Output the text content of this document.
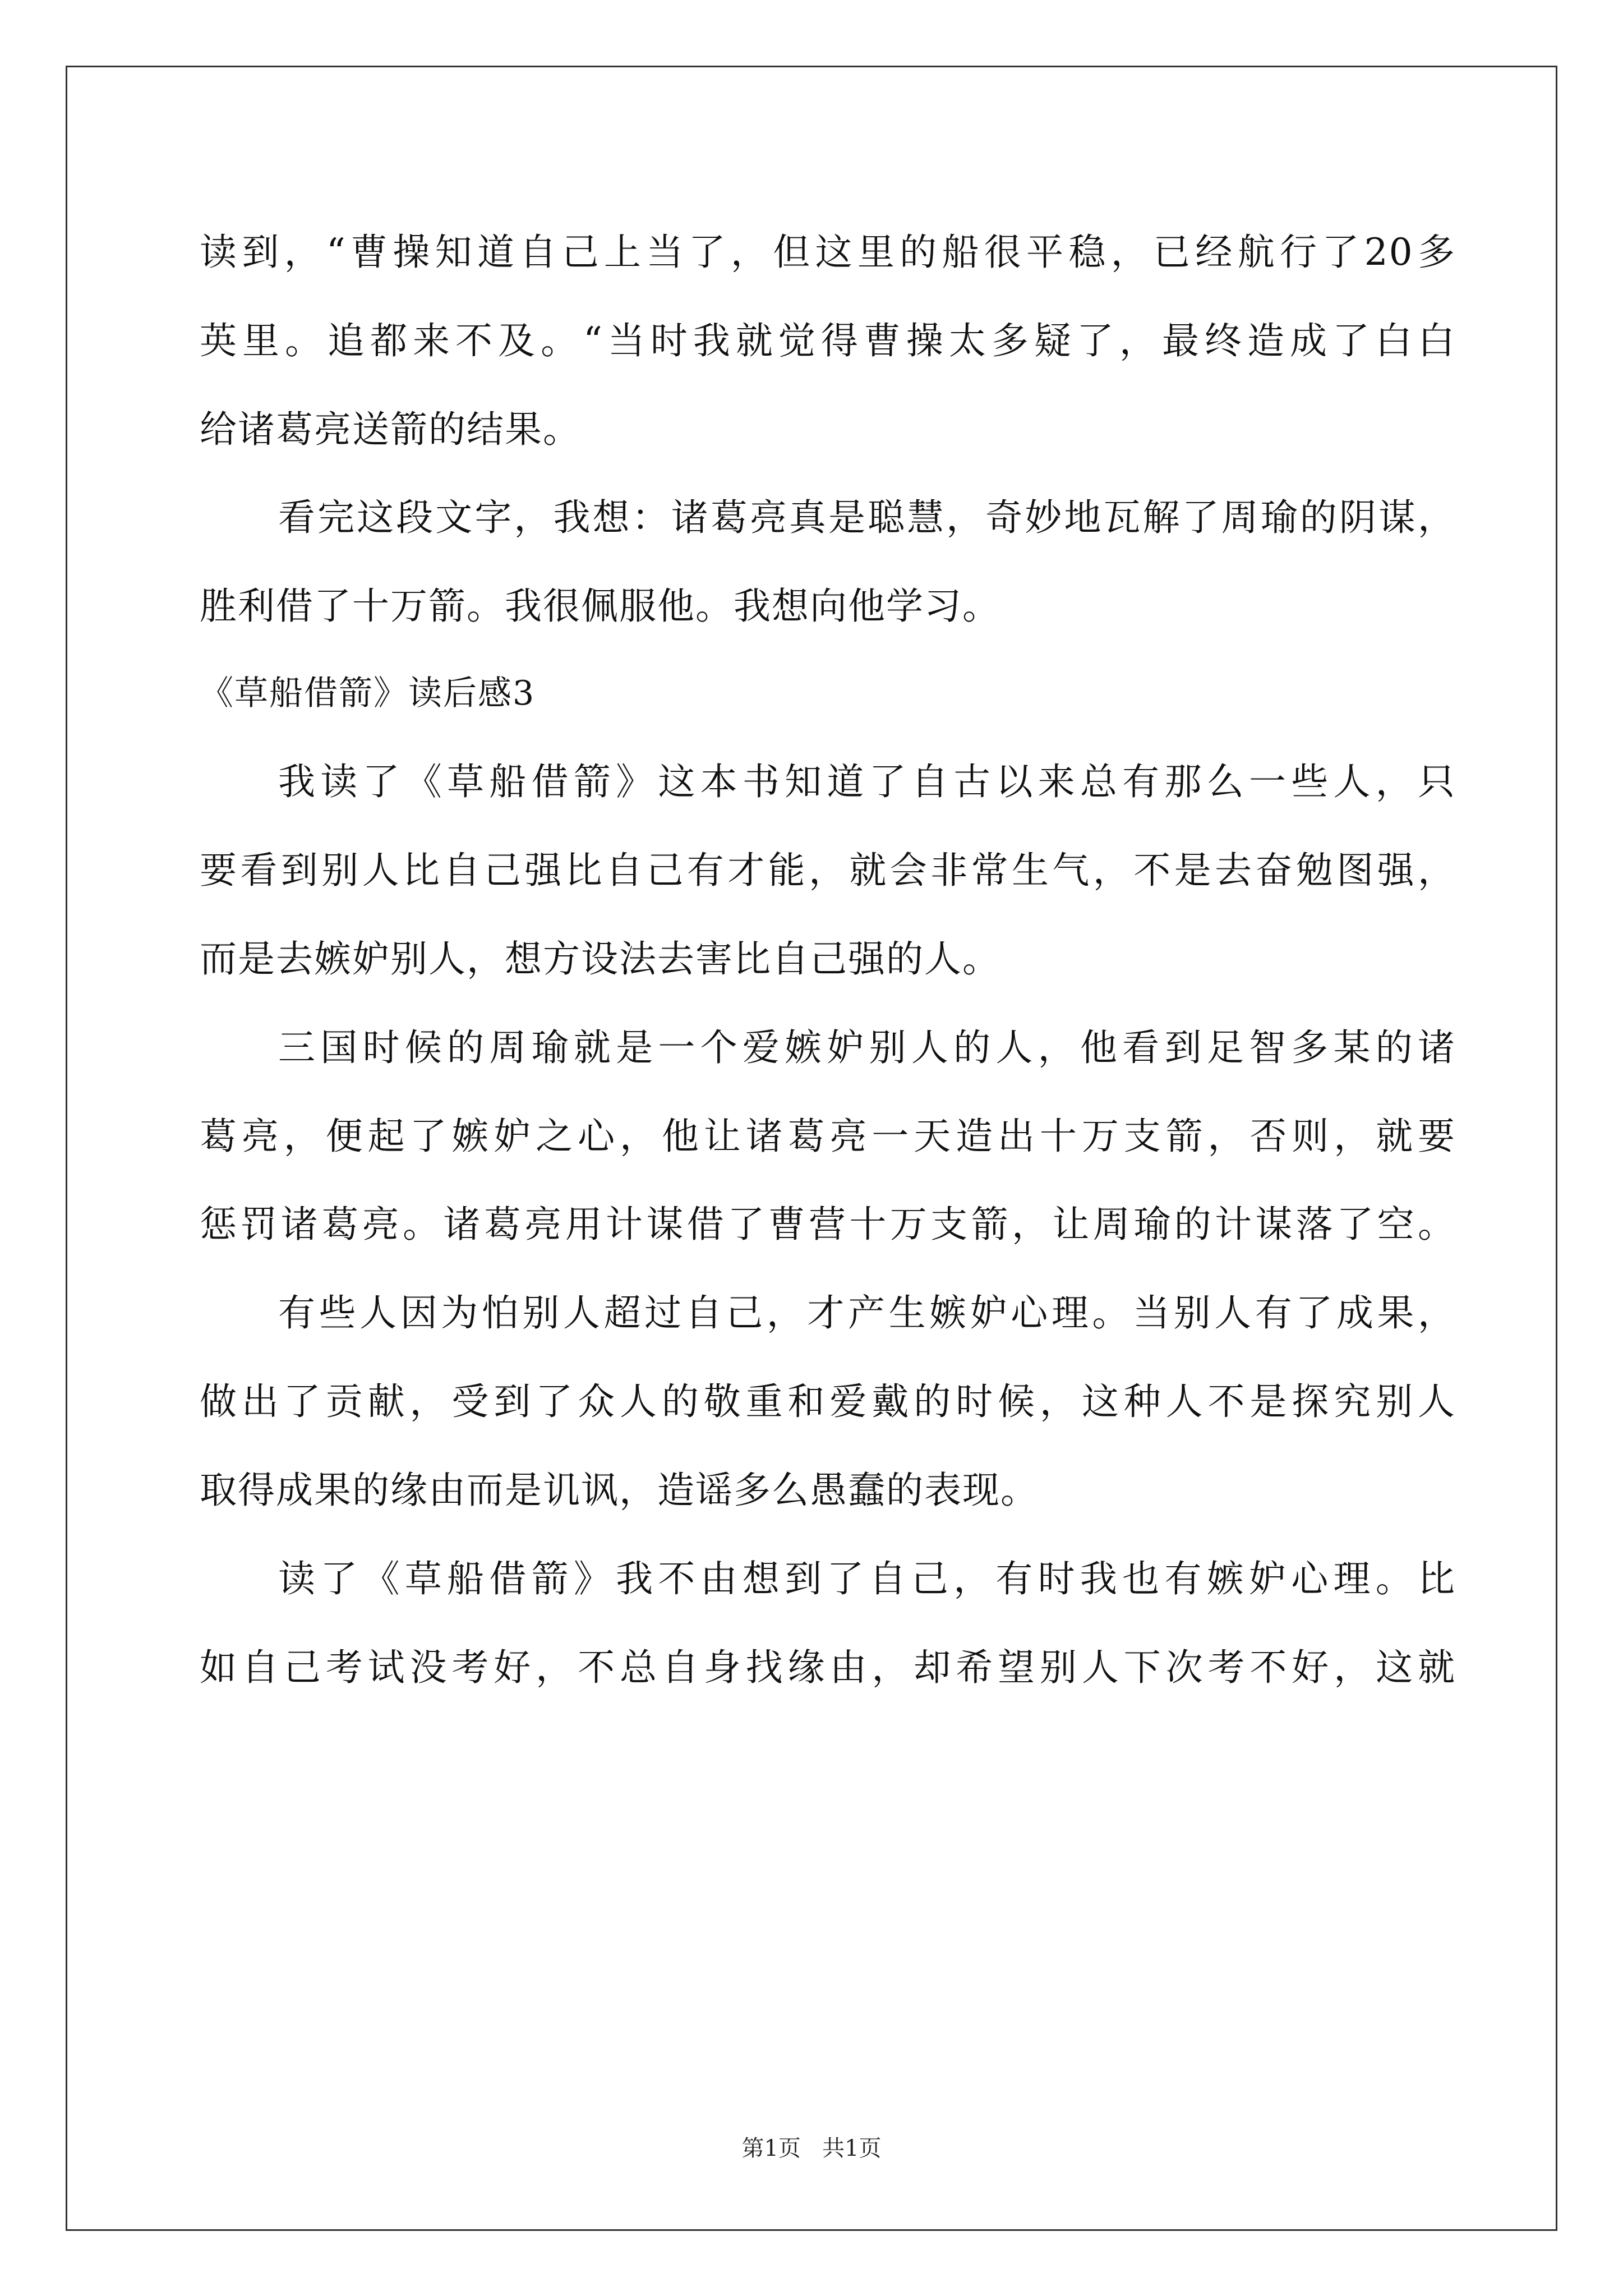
读到，“曹操知道自己上当了，但这里的船很平稳，已经航行了20多
英里。追都来不及。“当时我就觉得曹操太多疑了，最终造成了白白
给诸葛亮送箭的结果。
看完这段文字，我想：诸葛亮真是聪慧，奇妙地瓦解了周瑜的阴谋，
胜利借了十万箭。我很佩服他。我想向他学习。
《草船借箭》读后感3
我读了《草船借箭》这本书知道了自古以来总有那么一些人，只
要看到别人比自己强比自己有才能，就会非常生气，不是去奋勉图强，
而是去嫉妒别人，想方设法去害比自己强的人。
三国时候的周瑜就是一个爱嫉妒别人的人，他看到足智多某的诸
葛亮，便起了嫉妒之心，他让诸葛亮一天造出十万支箭，否则，就要
惩罚诸葛亮。诸葛亮用计谋借了曹营十万支箭，让周瑜的计谋落了空。
有些人因为怕别人超过自己，才产生嫉妒心理。当别人有了成果，
做出了贡献，受到了众人的敬重和爱戴的时候，这种人不是探究别人
取得成果的缘由而是讥讽，造谣多么愚蠢的表现。
读了《草船借箭》我不由想到了自己，有时我也有嫉妒心理。比
如自己考试没考好，不总自身找缘由，却希望别人下次考不好，这就
第1页   共1页
